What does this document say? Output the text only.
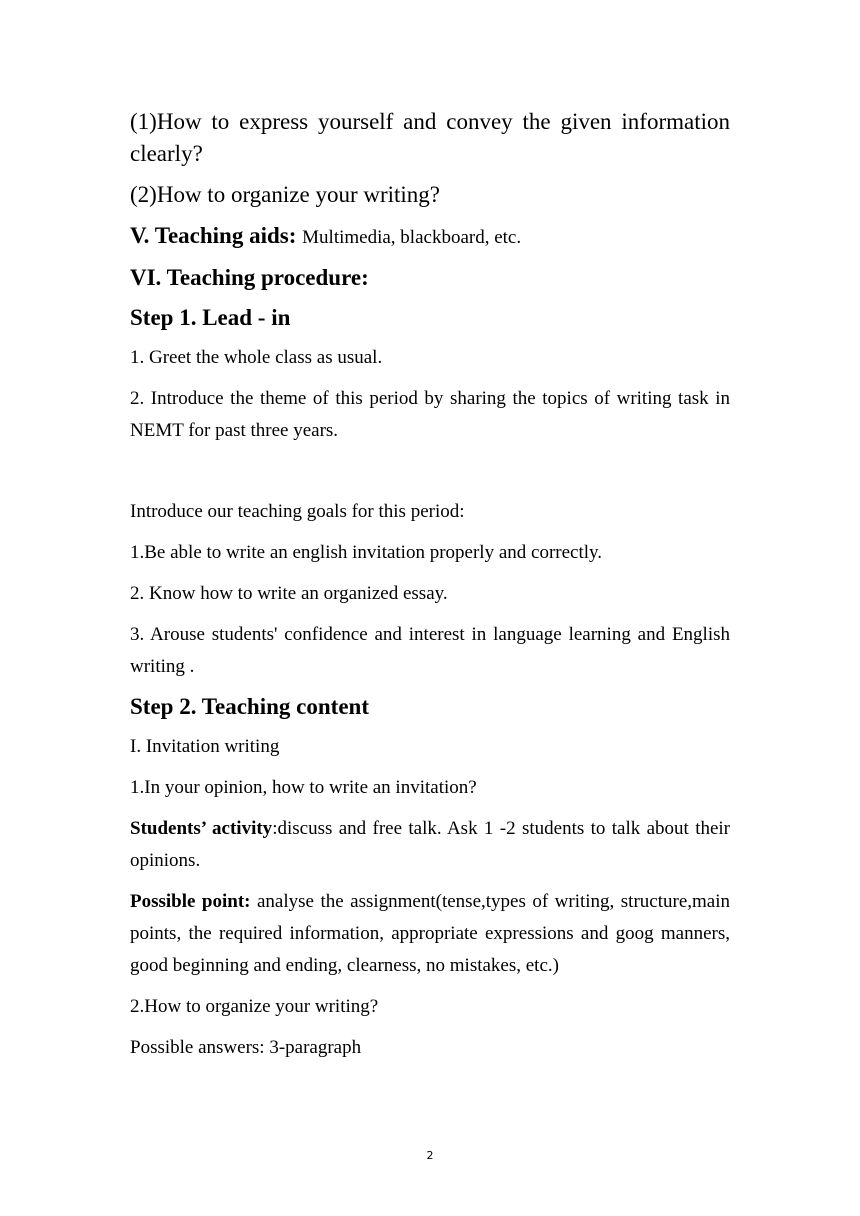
(1)How to express yourself and convey the given information clearly?

(2)How to organize your writing?

V. Teaching aids: Multimedia, blackboard, etc.

VI. Teaching procedure:

Step 1. Lead - in

1. Greet the whole class as usual.

2. Introduce the theme of this period by sharing the topics of writing task in NEMT for past three years.

Introduce our teaching goals for this period:

1.Be able to write an english invitation properly and correctly.

2. Know how to write an organized essay.

3. Arouse students' confidence and interest in language learning and English writing .

Step 2. Teaching content

I. Invitation writing

1.In your opinion, how to write an invitation?

Students’ activity:discuss and free talk. Ask 1 -2 students to talk about their opinions.

Possible point: analyse the assignment(tense,types of writing, structure,main points, the required information, appropriate expressions and goog manners, good beginning and ending, clearness, no mistakes, etc.)

2.How to organize your writing?

Possible answers: 3-paragraph

2
